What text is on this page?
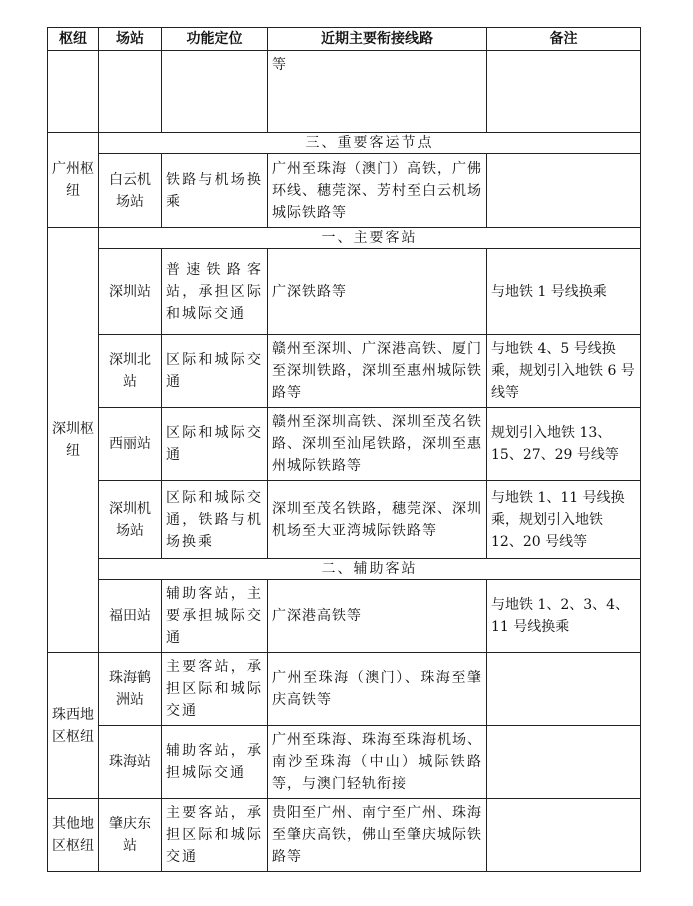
枢纽	场站	功能定位	近期主要衔接线路	备注
			等	
广州枢纽	三、重要客运节点			
	白云机场站	铁路与机场换乘	广州至珠海（澳门）高铁，广佛环线、穗莞深、芳村至白云机场城际铁路等	
深圳枢纽	一、主要客站			
	深圳站	普速铁路客站，承担区际和城际交通	广深铁路等	与地铁 1 号线换乘
	深圳北站	区际和城际交通	赣州至深圳、广深港高铁、厦门至深圳铁路，深圳至惠州城际铁路等	与地铁 4、5 号线换乘，规划引入地铁 6 号线等
	西丽站	区际和城际交通	赣州至深圳高铁、深圳至茂名铁路、深圳至汕尾铁路，深圳至惠州城际铁路等	规划引入地铁 13、15、27、29 号线等
	深圳机场站	区际和城际交通，铁路与机场换乘	深圳至茂名铁路，穗莞深、深圳机场至大亚湾城际铁路等	与地铁 1、11 号线换乘，规划引入地铁 12、20 号线等
	二、辅助客站			
	福田站	辅助客站，主要承担城际交通	广深港高铁等	与地铁 1、2、3、4、11 号线换乘
珠西地区枢纽	珠海鹤洲站	主要客站，承担区际和城际交通	广州至珠海（澳门）、珠海至肇庆高铁等	
	珠海站	辅助客站，承担城际交通	广州至珠海、珠海至珠海机场、南沙至珠海（中山）城际铁路等，与澳门轻轨衔接	
其他地区枢纽	肇庆东站	主要客站，承担区际和城际交通	贵阳至广州、南宁至广州、珠海至肇庆高铁，佛山至肇庆城际铁路等	
